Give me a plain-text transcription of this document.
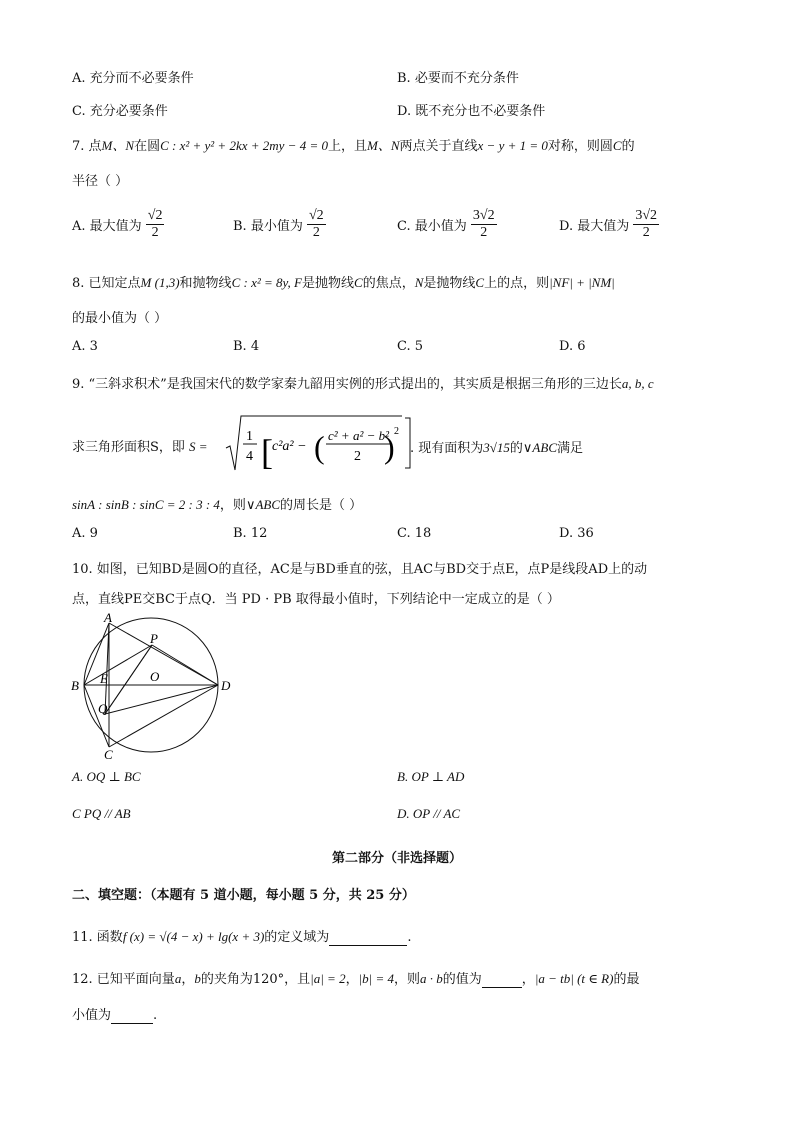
A. 充分而不必要条件	B. 必要而不充分条件
C. 充分必要条件	D. 既不充分也不必要条件
7. 点M、N在圆C : x² + y² + 2kx + 2my − 4 = 0上，且M、N两点关于直线x − y + 1 = 0对称，则圆C的
半径（ ）
A. 最大值为 $\frac{√2}{2}$	B. 最小值为 $\frac{√2}{2}$	C. 最小值为 $\frac{3√2}{2}$	D. 最大值为 $\frac{3√2}{2}$
8. 已知定点M (1,3)和抛物线C : x² = 8y, F是抛物线C的焦点，N是抛物线C上的点，则|NF| + |NM|
的最小值为（ ）
A. 3	B. 4	C. 5	D. 6
9. “三斜求积术”是我国宋代的数学家秦九韶用实例的形式提出的，其实质是根据三角形的三边长a, b, c
求三角形面积S，即 S =
1
4 [ c²a² − ( c² + a² − b²
2 ) 2
. 现有面积为3√15的∨ABC满足
sinA : sinB : sinC = 2 : 3 : 4，则∨ABC的周长是（ ）
A. 9	B. 12	C. 18	D. 36
10. 如图，已知BD是圆O的直径，AC是与BD垂直的弦，且AC与BD交于点E，点P是线段AD上的动
点，直线PE交BC于点Q．当 PD · PB 取得最小值时，下列结论中一定成立的是（ ）
A
P
B E	O
D
Q
C
A. OQ ⊥ BC	B. OP ⊥ AD
C PQ // AB	D. OP // AC
第二部分（非选择题）
二、填空题：（本题有 5 道小题，每小题 5 分，共 25 分）
11. 函数f (x) = √(4 − x) + lg(x + 3)的定义域为	.
12. 已知平面向量a，b的夹角为120°，且|a| = 2，|b| = 4，则a · b的值为	，|a − tb| (t ∈ R)的最
小值为	.
